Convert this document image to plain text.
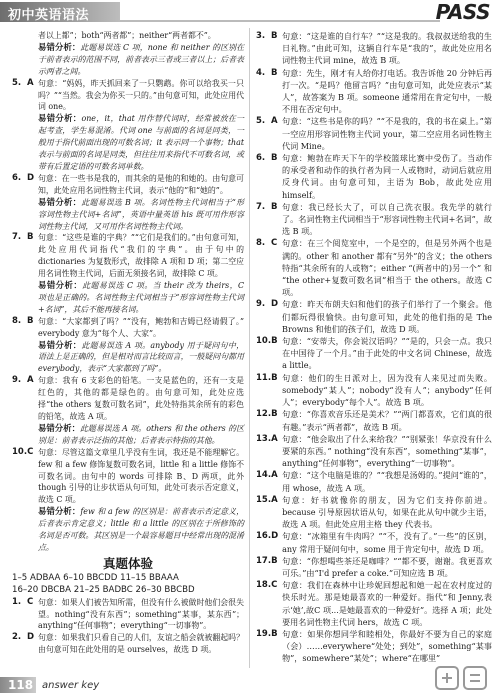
初中英语语法	PASS
者以上都”；both“两者都”；neither“两者都不”。
易错分析：此题易误选 C 项，none 和 neither 的区别在于前者表示的范围不同，前者表示三者或三者以上；后者表示两者之间。
5. A 句意：“妈妈，昨天抓回来了一只鹦鹉。你可以给我买一只吗？”“当然。我会为你买一只的。”由句意可知，此处应用代词 one。
易错分析：one，it，that 用作替代词时，经常被放在一起考查，学生易混淆。代词 one 与前面的名词是同类，一般用于指代前面出现的可数名词；it 表示同一个事物；that 表示与前面的名词是同类，但往往用来指代不可数名词，或带有后置定语的可数名词单数。
6. D 句意：在一些书是我的，而其余的是他的和她的。由句意可知，此处应用名词性物主代词，表示“他的”和“她的”。
易错分析：此题易误选 B 项。名词性物主代词相当于“形容词性物主代词+名词”，英语中量英语 his 既可用作形容词性物主代词，又可用作名词性物主代词。
7. B 句意：“这些是谁的字典？”“它们是我们的。”由句意可知，此处应用代词指代“我们的字典”。由于句中的 dictionaries 为复数形式，故排除 A 项和 D 项；第二空应用名词性物主代词，后面无须接名词，故排除 C 项。
易错分析：此题易误选 C 项。当 their 改为 theirs，C 项也是正确的。名词性物主代词相当于“形容词性物主代词+名词”，其后不能再接名词。
8. B 句意：“大家都到了吗？”“没有，鲍勃和吉姆已经请假了。” everybody 意为“每个人、大家”。
易错分析：此题易误选 A 项。anybody 用于疑问句中，语法上是正确的，但是相对而言比较而言，一般疑问句都用 everybody，表示“大家都到了吗”。
9. A 句意：我有 6 支彩色的铅笔。一支是蓝色的，还有一支是红色的，其他的都是绿色的。由句意可知，此处应选择“the others 复数可数名词”，此处特指其余所有的彩色的铅笔，故选 A 项。
易错分析：此题易误选 A 项。others 和 the others 的区别是：前者表示泛指的其他；后者表示特指的其他。
10. C 句意：尽管这篇文章里几乎没有生词，我还是不能理解它。few 和 a few 修饰复数可数名词，little 和 a little 修饰不可数名词。由句中的 words 可排除 B、D 两项，此外 though 引导的让步状语从句可知，此处可表示否定意义，故选 C 项。
易错分析：few 和 a few 的区别是：前者表示否定意义，后者表示肯定意义；little 和 a little 的区别在于所修饰的名词是否可数。其区别是一个最容易题目中经常出现的混淆点。
真题体验
1–5 ADBAA 6–10 BBCDD 11–15 BBAAA
16–20 DBCBA 21–25 BADBC 26–30 BBCBD
1. C 句意：如果人们被告知所需，但没有什么被做时他们会很失望。nothing“没有东西”；something“某事，某东西”；anything“任何事物”；everything“一切事物”。
2. D 句意：如果我们只看自己的人们，友谊之船会就被翻起吗？由句意可知在此处用的是 ourselves，故选 D 项。
3. B 句意：“这是谁的自行车？”“这是我的。我叔叔送给我的生日礼物。”由此可知，这辆自行车是“我的”，故此处应用名词性物主代词 mine，故选 B 项。
4. B 句意：先生，刚才有人给你打电话。我告诉他 20 分钟后再打一次。“是吗？他留言吗？”由句意可知，此处应表示“某人”，故答案为 B 项。someone 通常用在肯定句中，一般不用在否定句中。
5. A 句意：“这些书是你的吗？”“不是我的，我的书在桌上。”第一空应用形容词性物主代词 your，第二空应用名词性物主代词 Mine。
6. B 句意：鲍勃在昨天下午的学校篮球比赛中受伤了。当动作的承受者和动作的执行者为同一人或物时，动词后就应用反身代词。由句意可知，主语为 Bob，故此处应用 himself。
7. B 句意：我已经长大了，可以自己洗衣服。我先学的就行了。名词性物主代词相当于“形容词性物主代词+名词”，故选 B 项。
8. C 句意：在三个阅览室中，一个是空的，但是另外两个也是满的。other 和 another 都有“另外”的含义；the others 特指“其余所有的人或物”；either “(两者中的)另一个” 和 “the other+复数可数名词”相当于 the others。故选 C 项。
9. D 句意：昨天布朗夫妇和他们的孩子们举行了一个聚会。他们都玩得很愉快。由句意可知，此处的他们指的是 The Browns 和他们的孩子们，故选 D 项。
10. B 句意：“安蒂夫，你会说汉语吗？”“是的，只会一点。我只在中国待了一个月。”由于此处的中文名词 Chinese，故选 a little。
11. B 句意：他们的生日派对上，因为没有人来见过而失败。somebody“某人”；nobody“没有人”；anybody“任何人”；everybody“每个人”。故选 B 项。
12. B 句意：“你喜欢音乐还是美术？”“两门都喜欢，它们真的很有趣。”表示“两者都”，故选 B 项。
13. A 句意：“他会取出了什么来给我？”“别紧张！华京没有什么要紧的东西。” nothing“没有东西”，something“某事”，anything“任何事物”，everything“一切事物”。
14. A 句意：“这个电脑是谁的？”“我想是汤姆的。”提问“谁的”，用 whose，故选 A 项。
15. A 句意：好书就像你的朋友，因为它们支持你前进。because 引导原因状语从句，如果在此从句中就少主语，故选 A 项。但此处应用主格 they 代表书。
16. D 句意：“冰箱里有牛肉吗？”“不，没有了。”一些”的区别，any 常用于疑问句中，some 用于肯定句中，故选 D 项。
17. B 句意：“你想喝些茶还是咖啡？”“都不要，谢谢。我更喜欢可乐。”由“I'd prefer a coke.”可知应选 B 项。
18. C 句意：我们在森林中让珍妮回想起和她一起在农村度过的快乐时光。那是她最喜欢的一种爱好。指代“和 Jenny,表示‘她’,故C 项...是她最喜欢的一种爱好”。选择 A 项；此处要用名词性物主代词 hers，故选 C 项。
19. B 句意：如果你想同学和睦相处，你最好不要为自己的家庭（会）……everywhere“处处；到处”，something“某事物”，somewhere“某处”；where“在哪里”
118 answer key
